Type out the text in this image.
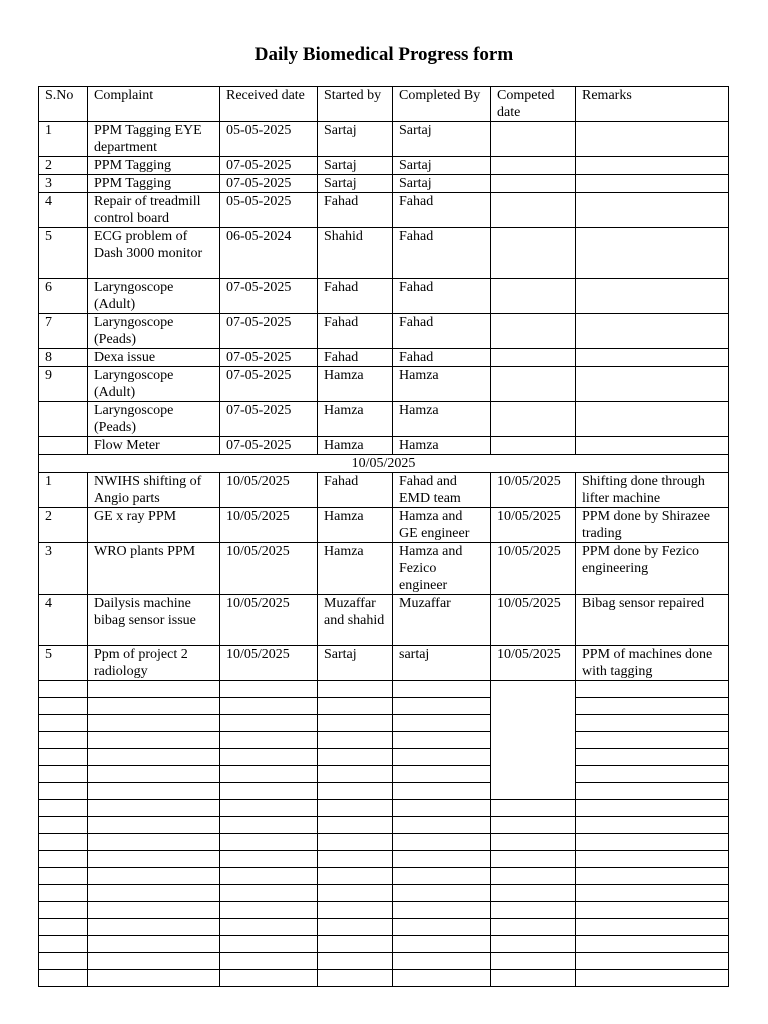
Daily Biomedical Progress form
S.No	Complaint	Received date	Started by	Completed By	Competed date	Remarks
1	PPM Tagging EYE department	05-05-2025	Sartaj	Sartaj		
2	PPM Tagging	07-05-2025	Sartaj	Sartaj		
3	PPM Tagging	07-05-2025	Sartaj	Sartaj		
4	Repair of treadmill control board	05-05-2025	Fahad	Fahad		
5	ECG problem of Dash 3000 monitor	06-05-2024	Shahid	Fahad		
6	Laryngoscope (Adult)	07-05-2025	Fahad	Fahad		
7	Laryngoscope (Peads)	07-05-2025	Fahad	Fahad		
8	Dexa issue	07-05-2025	Fahad	Fahad		
9	Laryngoscope (Adult)	07-05-2025	Hamza	Hamza		
	Laryngoscope (Peads)	07-05-2025	Hamza	Hamza		
	Flow Meter	07-05-2025	Hamza	Hamza		
10/05/2025						
1	NWIHS shifting of Angio parts	10/05/2025	Fahad	Fahad and EMD team	10/05/2025	Shifting done through lifter machine
2	GE x ray PPM	10/05/2025	Hamza	Hamza and GE engineer	10/05/2025	PPM done by Shirazee trading
3	WRO plants PPM	10/05/2025	Hamza	Hamza and Fezico engineer	10/05/2025	PPM done by Fezico engineering
4	Dailysis machine bibag sensor issue	10/05/2025	Muzaffar and shahid	Muzaffar	10/05/2025	Bibag sensor repaired
5	Ppm of project 2 radiology	10/05/2025	Sartaj	sartaj	10/05/2025	PPM of machines done with tagging
